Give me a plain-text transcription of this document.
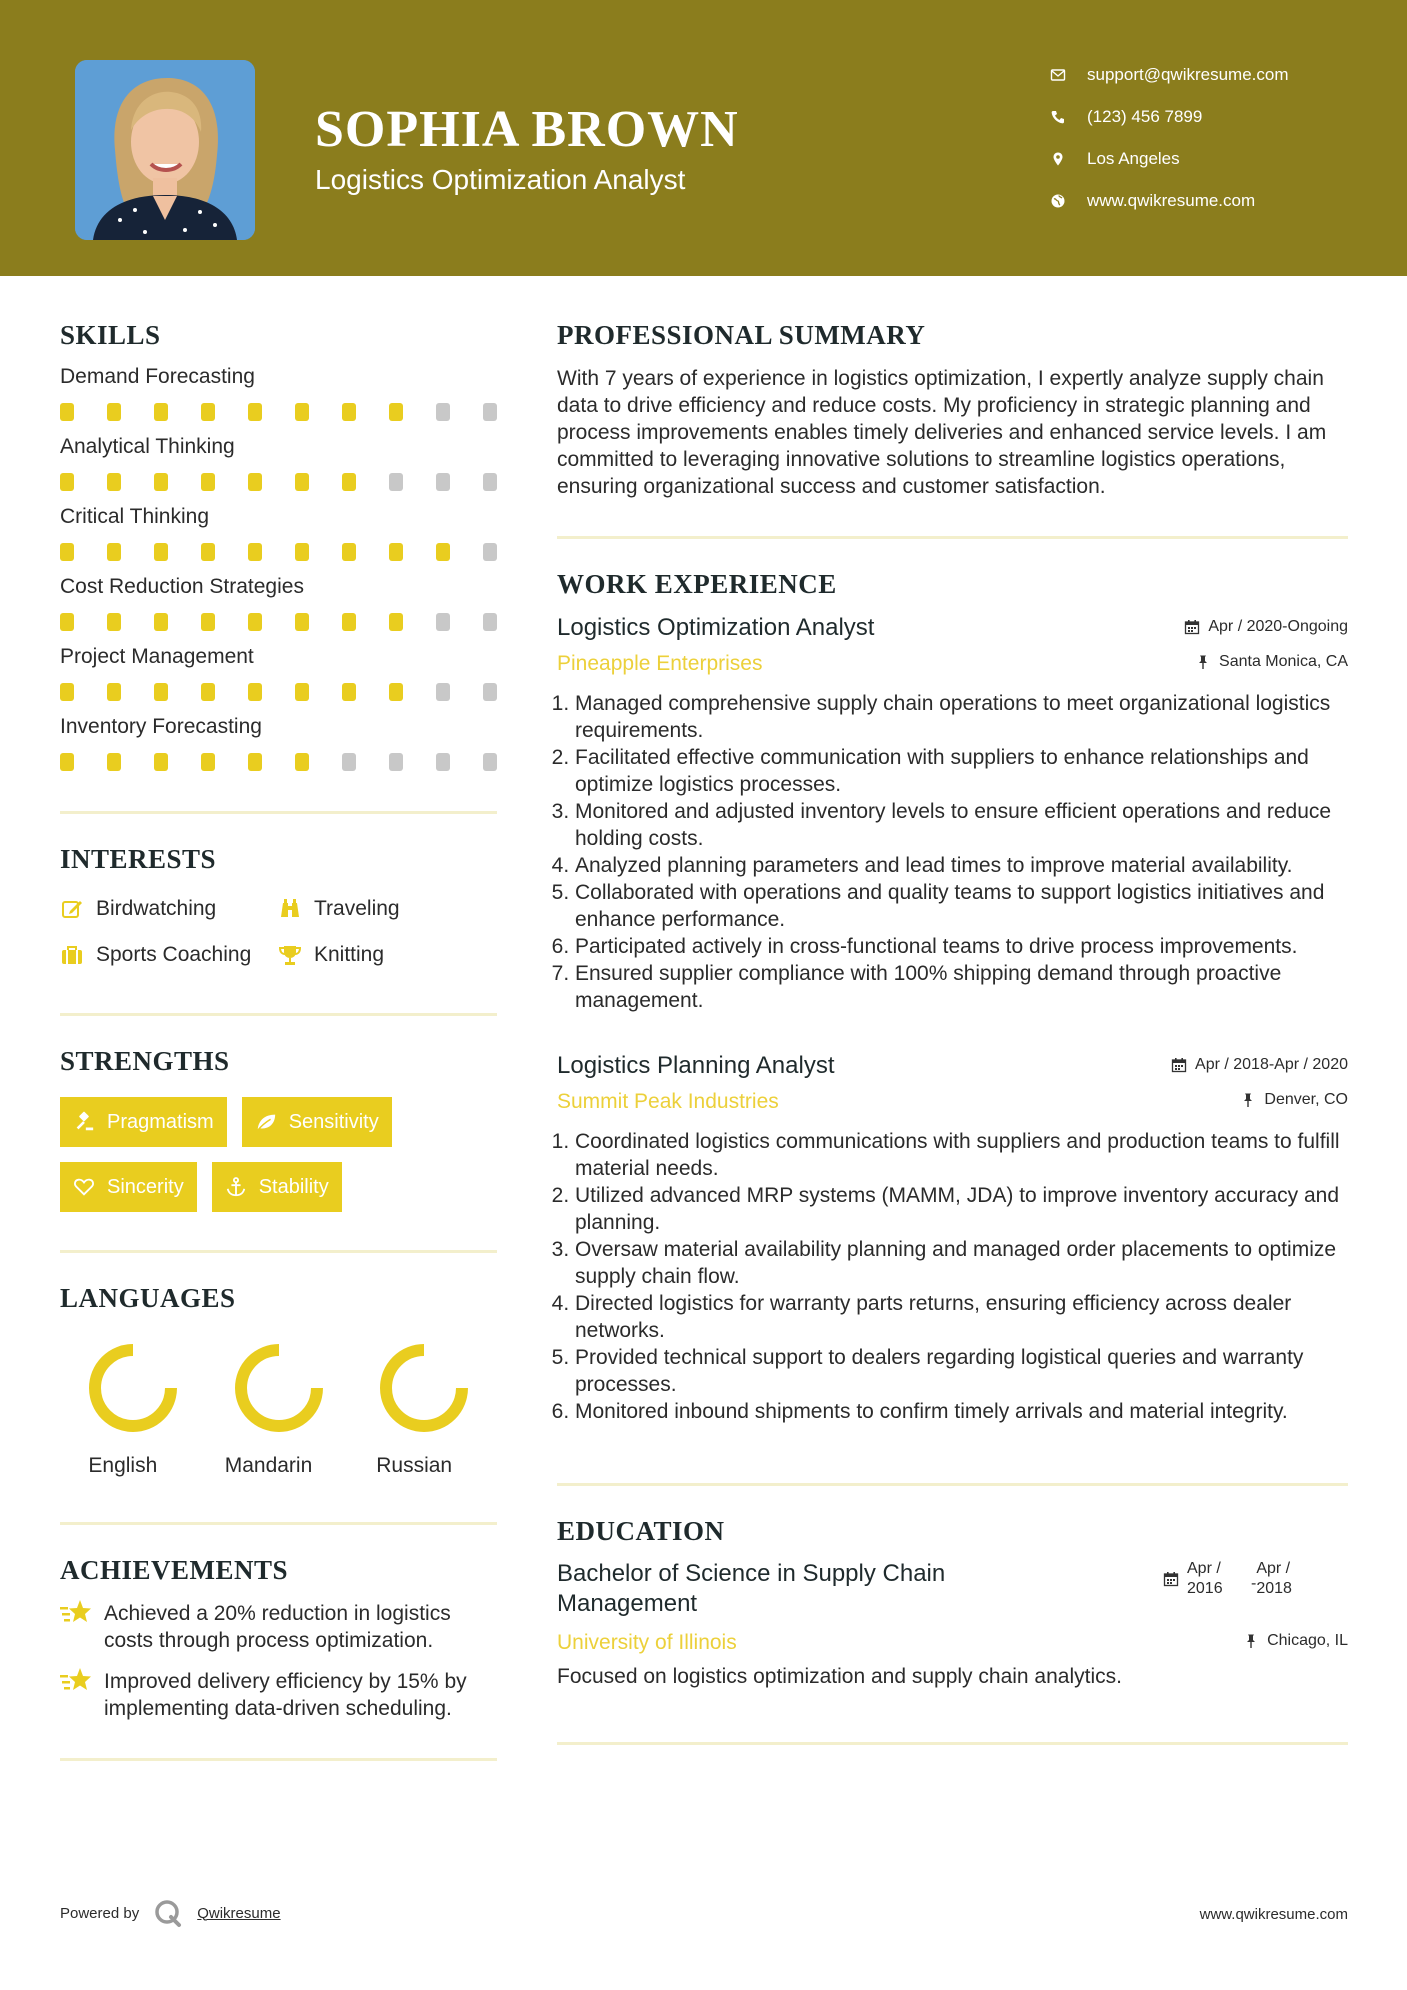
SOPHIA BROWN
Logistics Optimization Analyst
support@qwikresume.com
(123) 456 7899
Los Angeles
www.qwikresume.com
SKILLS
Demand Forecasting
Analytical Thinking
Critical Thinking
Cost Reduction Strategies
Project Management
Inventory Forecasting
INTERESTS
Birdwatching	Traveling
Sports Coaching	Knitting
STRENGTHS
Pragmatism	Sensitivity
Sincerity	Stability
LANGUAGES
English	Mandarin	Russian
ACHIEVEMENTS
Achieved a 20% reduction in logistics costs through process optimization.
Improved delivery efficiency by 15% by implementing data-driven scheduling.
PROFESSIONAL SUMMARY
With 7 years of experience in logistics optimization, I expertly analyze supply chain data to drive efficiency and reduce costs. My proficiency in strategic planning and process improvements enables timely deliveries and enhanced service levels. I am committed to leveraging innovative solutions to streamline logistics operations, ensuring organizational success and customer satisfaction.
WORK EXPERIENCE
Logistics Optimization Analyst	Apr / 2020-Ongoing
Pineapple Enterprises	Santa Monica, CA
1. Managed comprehensive supply chain operations to meet organizational logistics requirements.
2. Facilitated effective communication with suppliers to enhance relationships and optimize logistics processes.
3. Monitored and adjusted inventory levels to ensure efficient operations and reduce holding costs.
4. Analyzed planning parameters and lead times to improve material availability.
5. Collaborated with operations and quality teams to support logistics initiatives and enhance performance.
6. Participated actively in cross-functional teams to drive process improvements.
7. Ensured supplier compliance with 100% shipping demand through proactive management.
Logistics Planning Analyst	Apr / 2018-Apr / 2020
Summit Peak Industries	Denver, CO
1. Coordinated logistics communications with suppliers and production teams to fulfill material needs.
2. Utilized advanced MRP systems (MAMM, JDA) to improve inventory accuracy and planning.
3. Oversaw material availability planning and managed order placements to optimize supply chain flow.
4. Directed logistics for warranty parts returns, ensuring efficiency across dealer networks.
5. Provided technical support to dealers regarding logistical queries and warranty processes.
6. Monitored inbound shipments to confirm timely arrivals and material integrity.
EDUCATION
Bachelor of Science in Supply Chain Management
Apr / 2016	-
Apr / 2018
University of Illinois	Chicago, IL
Focused on logistics optimization and supply chain analytics.
Powered by	Qwikresume	www.qwikresume.com
